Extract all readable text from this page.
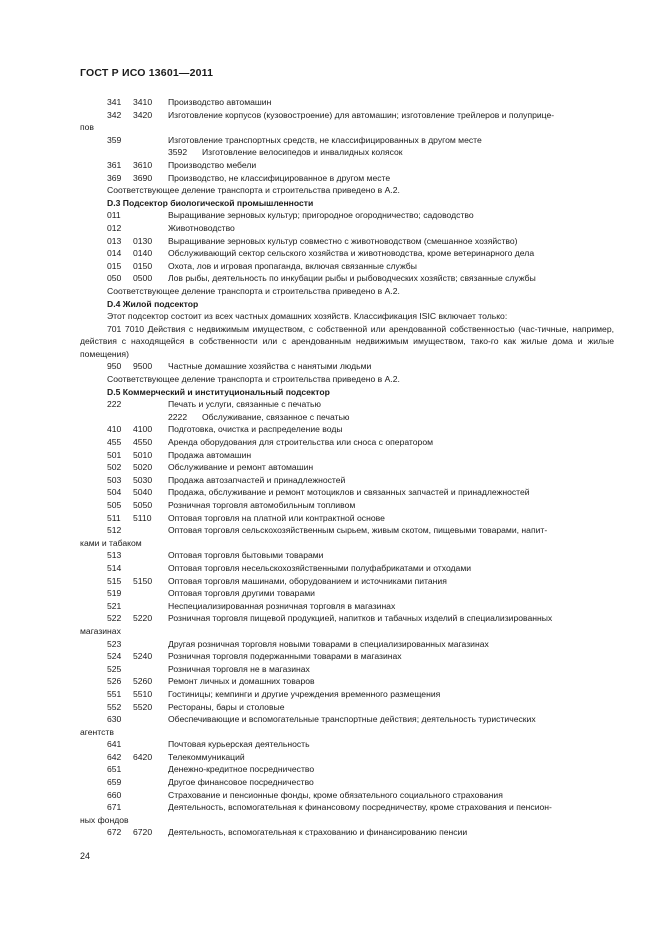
ГОСТ Р ИСО 13601—2011
341 3410 Производство автомашин
342 3420 Изготовление корпусов (кузовостроение) для автомашин; изготовление трейлеров и полуприце-
пов
359	Изготовление транспортных средств, не классифицированных в другом месте
3592 Изготовление велосипедов и инвалидных колясок
361 3610 Производство мебели
369 3690 Производство, не классифицированное в другом месте
Соответствующее деление транспорта и строительства приведено в А.2.
D.3 Подсектор биологической промышленности
011	Выращивание зерновых культур; пригородное огородничество; садоводство
012	Животноводство
013 0130 Выращивание зерновых культур совместно с животноводством (смешанное хозяйство)
014 0140 Обслуживающий сектор сельского хозяйства и животноводства, кроме ветеринарного дела
015 0150 Охота, лов и игровая пропаганда, включая связанные службы
050 0500 Лов рыбы, деятельность по инкубации рыбы и рыбоводческих хозяйств; связанные службы
Соответствующее деление транспорта и строительства приведено в А.2.
D.4 Жилой подсектор
Этот подсектор состоит из всех частных домашних хозяйств. Классификация ISIC включает только:
701 7010 Действия с недвижимым имуществом, с собственной или арендованной собственностью (час-тичные, например, действия с находящейся в собственности или с арендованным недвижимым имуществом, тако-го как жилые дома и жилые помещения)
950 9500 Частные домашние хозяйства с нанятыми людьми
Соответствующее деление транспорта и строительства приведено в А.2.
D.5 Коммерческий и институциональный подсектор
222	Печать и услуги, связанные с печатью
2222 Обслуживание, связанное с печатью
410 4100 Подготовка, очистка и распределение воды
455 4550 Аренда оборудования для строительства или сноса с оператором
501 5010 Продажа автомашин
502 5020 Обслуживание и ремонт автомашин
503 5030 Продажа автозапчастей и принадлежностей
504 5040 Продажа, обслуживание и ремонт мотоциклов и связанных запчастей и принадлежностей
505 5050 Розничная торговля автомобильным топливом
511 5110 Оптовая торговля на платной или контрактной основе
512	Оптовая торговля сельскохозяйственным сырьем, живым скотом, пищевыми товарами, напит-
ками и табаком
513	Оптовая торговля бытовыми товарами
514	Оптовая торговля несельскохозяйственными полуфабрикатами и отходами
515 5150 Оптовая торговля машинами, оборудованием и источниками питания
519	Оптовая торговля другими товарами
521	Неспециализированная розничная торговля в магазинах
522 5220 Розничная торговля пищевой продукцией, напитков и табачных изделий в специализированных
магазинах
523	Другая розничная торговля новыми товарами в специализированных магазинах
524 5240 Розничная торговля подержанными товарами в магазинах
525	Розничная торговля не в магазинах
526 5260 Ремонт личных и домашних товаров
551 5510 Гостиницы; кемпинги и другие учреждения временного размещения
552 5520 Рестораны, бары и столовые
630	Обеспечивающие и вспомогательные транспортные действия; деятельность туристических
агентств
641	Почтовая курьерская деятельность
642 6420 Телекоммуникаций
651	Денежно-кредитное посредничество
659	Другое финансовое посредничество
660	Страхование и пенсионные фонды, кроме обязательного социального страхования
671	Деятельность, вспомогательная к финансовому посредничеству, кроме страхования и пенсион-
ных фондов
672 6720 Деятельность, вспомогательная к страхованию и финансированию пенсии
24
